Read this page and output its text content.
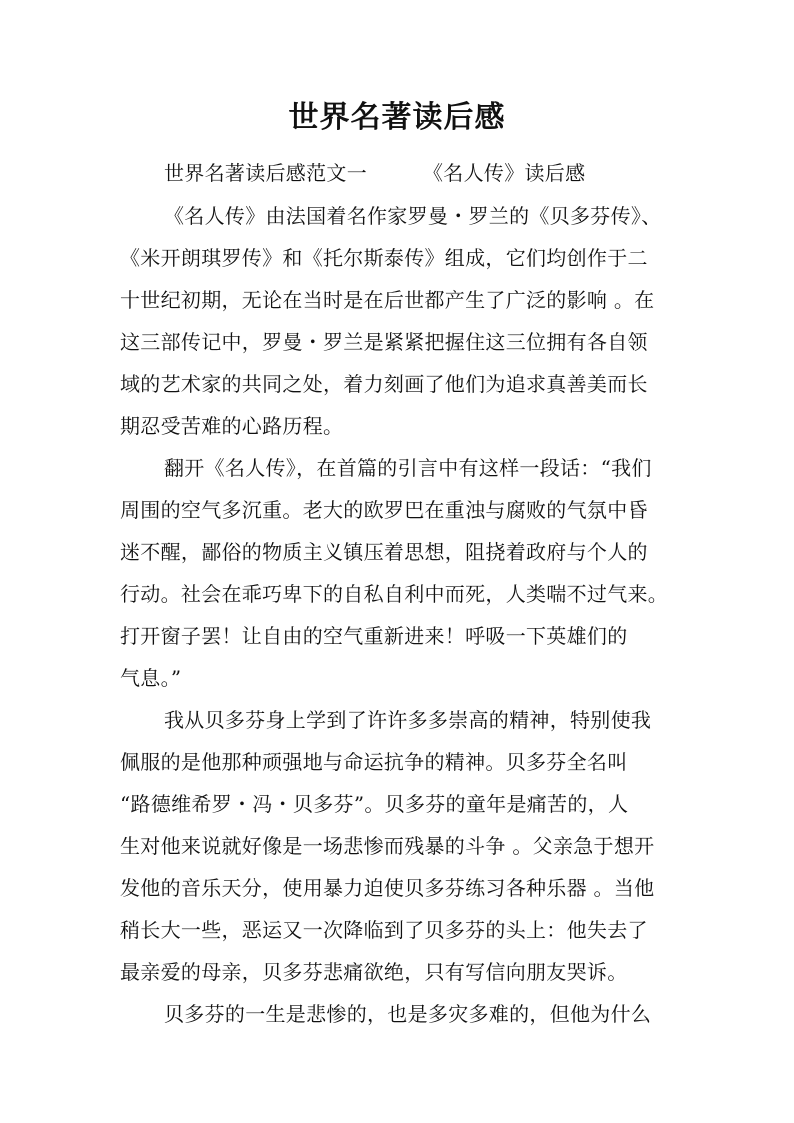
世界名著读后感
世界名著读后感范文一	《名人传》读后感
《名人传》由法国着名作家罗曼・罗兰的《贝多芬传》、
《米开朗琪罗传》和《托尔斯泰传》组成，它们均创作于二
十世纪初期，无论在当时是在后世都产生了广泛的影响 。在
这三部传记中，罗曼・罗兰是紧紧把握住这三位拥有各自领
域的艺术家的共同之处，着力刻画了他们为追求真善美而长
期忍受苦难的心路历程。
翻开《名人传》，在首篇的引言中有这样一段话：“我们
周围的空气多沉重。老大的欧罗巴在重浊与腐败的气氛中昏
迷不醒，鄙俗的物质主义镇压着思想，阻挠着政府与个人的
行动。社会在乖巧卑下的自私自利中而死，人类喘不过气来。
打开窗子罢！让自由的空气重新进来！呼吸一下英雄们的
气息。”
我从贝多芬身上学到了许许多多崇高的精神，特别使我
佩服的是他那种顽强地与命运抗争的精神。贝多芬全名叫
“路德维希罗・冯・贝多芬”。贝多芬的童年是痛苦的，人
生对他来说就好像是一场悲惨而残暴的斗争 。父亲急于想开
发他的音乐天分，使用暴力迫使贝多芬练习各种乐器 。当他
稍长大一些，恶运又一次降临到了贝多芬的头上：他失去了
最亲爱的母亲，贝多芬悲痛欲绝，只有写信向朋友哭诉。
贝多芬的一生是悲惨的，也是多灾多难的，但他为什么
